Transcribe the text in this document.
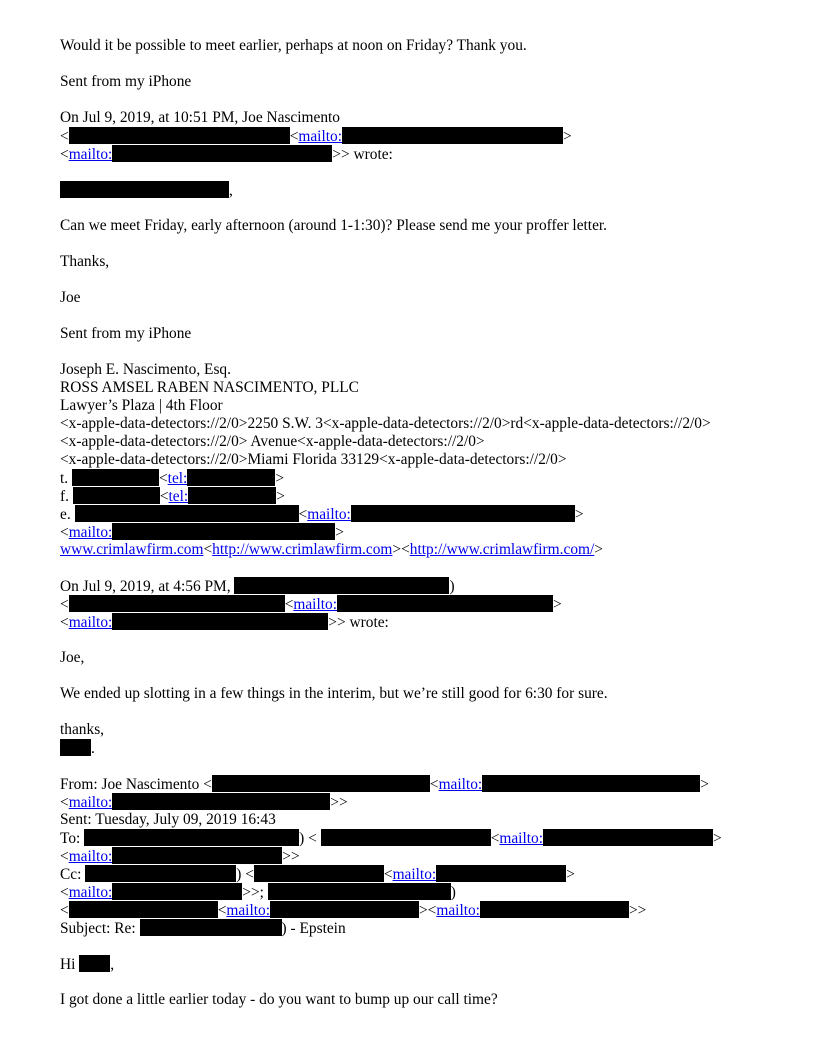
Would it be possible to meet earlier, perhaps at noon on Friday? Thank you.
Sent from my iPhone
On Jul 9, 2019, at 10:51 PM, Joe Nascimento
<	<mailto:	>
<mailto:	>> wrote:
,
Can we meet Friday, early afternoon (around 1-1:30)? Please send me your proffer letter.
Thanks,
Joe
Sent from my iPhone
Joseph E. Nascimento, Esq.
ROSS AMSEL RABEN NASCIMENTO, PLLC
Lawyer’s Plaza | 4th Floor
<x-apple-data-detectors://2/0>2250 S.W. 3<x-apple-data-detectors://2/0>rd<x-apple-data-detectors://2/0>
<x-apple-data-detectors://2/0> Avenue<x-apple-data-detectors://2/0>
<x-apple-data-detectors://2/0>Miami Florida 33129<x-apple-data-detectors://2/0>
t.	<tel:	>
f.	<tel:	>
e.	<mailto:	>
<mailto:	>
www.crimlawfirm.com<http://www.crimlawfirm.com><http://www.crimlawfirm.com/>
On Jul 9, 2019, at 4:56 PM,	)
<	<mailto:	>
<mailto:	>> wrote:
Joe,
We ended up slotting in a few things in the interim, but we’re still good for 6:30 for sure.
thanks,
.
From: Joe Nascimento <	<mailto:	>
<mailto:	>>
Sent: Tuesday, July 09, 2019 16:43
To:	) <	<mailto:	>
<mailto:	>>
Cc:	) <	<mailto:	>
<mailto:	>>;	)
<	<mailto:	><mailto:	>>
Subject: Re:	) - Epstein
Hi ,
I got done a little earlier today - do you want to bump up our call time?
